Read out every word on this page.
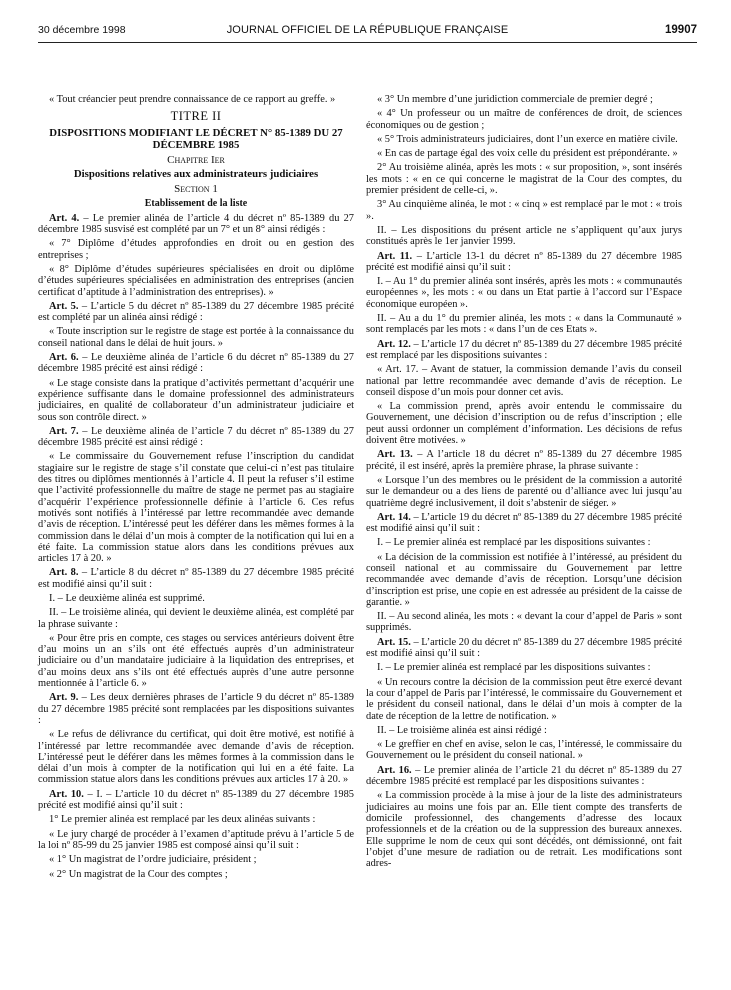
30 décembre 1998	JOURNAL OFFICIEL DE LA RÉPUBLIQUE FRANÇAISE	19907

« Tout créancier peut prendre connaissance de ce rapport au greffe. »

TITRE II

DISPOSITIONS MODIFIANT LE DÉCRET N° 85-1389 DU 27 DÉCEMBRE 1985

Chapitre Ier

Dispositions relatives aux administrateurs judiciaires

Section 1

Etablissement de la liste

Art. 4. – Le premier alinéa de l’article 4 du décret nº 85-1389 du 27 décembre 1985 susvisé est complété par un 7° et un 8° ainsi rédigés :

« 7° Diplôme d’études approfondies en droit ou en gestion des entreprises ;

« 8° Diplôme d’études supérieures spécialisées en droit ou diplôme d’études supérieures spécialisées en administration des entreprises (ancien certificat d’aptitude à l’administration des entreprises). »

Art. 5. – L’article 5 du décret nº 85-1389 du 27 décembre 1985 précité est complété par un alinéa ainsi rédigé :

« Toute inscription sur le registre de stage est portée à la connaissance du conseil national dans le délai de huit jours. »

Art. 6. – Le deuxième alinéa de l’article 6 du décret nº 85-1389 du 27 décembre 1985 précité est ainsi rédigé :

« Le stage consiste dans la pratique d’activités permettant d’acquérir une expérience suffisante dans le domaine professionnel des administrateurs judiciaires, en qualité de collaborateur d’un administrateur judiciaire et sous son contrôle direct. »

Art. 7. – Le deuxième alinéa de l’article 7 du décret nº 85-1389 du 27 décembre 1985 précité est ainsi rédigé :

« Le commissaire du Gouvernement refuse l’inscription du candidat stagiaire sur le registre de stage s’il constate que celui-ci n’est pas titulaire des titres ou diplômes mentionnés à l’article 4. Il peut la refuser s’il estime que l’activité professionnelle du maître de stage ne permet pas au stagiaire d’acquérir l’expérience professionnelle définie à l’article 6. Ces refus motivés sont notifiés à l’intéressé par lettre recommandée avec demande d’avis de réception. L’intéressé peut les déférer dans les mêmes formes à la commission dans le délai d’un mois à compter de la notification qui lui en a été faite. La commission statue alors dans les conditions prévues aux articles 17 à 20. »

Art. 8. – L’article 8 du décret nº 85-1389 du 27 décembre 1985 précité est modifié ainsi qu’il suit :

I. – Le deuxième alinéa est supprimé.

II. – Le troisième alinéa, qui devient le deuxième alinéa, est complété par la phrase suivante :

« Pour être pris en compte, ces stages ou services antérieurs doivent être d’au moins un an s’ils ont été effectués auprès d’un administrateur judiciaire ou d’un mandataire judiciaire à la liquidation des entreprises, et d’au moins deux ans s’ils ont été effectués auprès d’une autre personne mentionnée à l’article 6. »

Art. 9. – Les deux dernières phrases de l’article 9 du décret nº 85-1389 du 27 décembre 1985 précité sont remplacées par les dispositions suivantes :

« Le refus de délivrance du certificat, qui doit être motivé, est notifié à l’intéressé par lettre recommandée avec demande d’avis de réception. L’intéressé peut le déférer dans les mêmes formes à la commission dans le délai d’un mois à compter de la notification qui lui en a été faite. La commission statue alors dans les conditions prévues aux articles 17 à 20. »

Art. 10. – I. – L’article 10 du décret nº 85-1389 du 27 décembre 1985 précité est modifié ainsi qu’il suit :

1° Le premier alinéa est remplacé par les deux alinéas suivants :

« Le jury chargé de procéder à l’examen d’aptitude prévu à l’article 5 de la loi nº 85-99 du 25 janvier 1985 est composé ainsi qu’il suit :

« 1° Un magistrat de l’ordre judiciaire, président ;

« 2° Un magistrat de la Cour des comptes ;

« 3° Un membre d’une juridiction commerciale de premier degré ;

« 4° Un professeur ou un maître de conférences de droit, de sciences économiques ou de gestion ;

« 5° Trois administrateurs judiciaires, dont l’un exerce en matière civile.

« En cas de partage égal des voix celle du président est prépondérante. »

2° Au troisième alinéa, après les mots : « sur proposition, », sont insérés les mots : « en ce qui concerne le magistrat de la Cour des comptes, du premier président de celle-ci, ».

3° Au cinquième alinéa, le mot : « cinq » est remplacé par le mot : « trois ».

II. – Les dispositions du présent article ne s’appliquent qu’aux jurys constitués après le 1er janvier 1999.

Art. 11. – L’article 13-1 du décret nº 85-1389 du 27 décembre 1985 précité est modifié ainsi qu’il suit :

I. – Au 1° du premier alinéa sont insérés, après les mots : « communautés européennes », les mots : « ou dans un Etat partie à l’accord sur l’Espace économique européen ».

II. – Au a du 1° du premier alinéa, les mots : « dans la Communauté » sont remplacés par les mots : « dans l’un de ces Etats ».

Art. 12. – L’article 17 du décret nº 85-1389 du 27 décembre 1985 précité est remplacé par les dispositions suivantes :

« Art. 17. – Avant de statuer, la commission demande l’avis du conseil national par lettre recommandée avec demande d’avis de réception. Le conseil dispose d’un mois pour donner cet avis.

« La commission prend, après avoir entendu le commissaire du Gouvernement, une décision d’inscription ou de refus d’inscription ; elle peut aussi ordonner un complément d’information. Les décisions de refus doivent être motivées. »

Art. 13. – A l’article 18 du décret nº 85-1389 du 27 décembre 1985 précité, il est inséré, après la première phrase, la phrase suivante :

« Lorsque l’un des membres ou le président de la commission a autorité sur le demandeur ou a des liens de parenté ou d’alliance avec lui jusqu’au quatrième degré inclusivement, il doit s’abstenir de siéger. »

Art. 14. – L’article 19 du décret nº 85-1389 du 27 décembre 1985 précité est modifié ainsi qu’il suit :

I. – Le premier alinéa est remplacé par les dispositions suivantes :

« La décision de la commission est notifiée à l’intéressé, au président du conseil national et au commissaire du Gouvernement par lettre recommandée avec demande d’avis de réception. Lorsqu’une décision d’inscription est prise, une copie en est adressée au président de la caisse de garantie. »

II. – Au second alinéa, les mots : « devant la cour d’appel de Paris » sont supprimés.

Art. 15. – L’article 20 du décret nº 85-1389 du 27 décembre 1985 précité est modifié ainsi qu’il suit :

I. – Le premier alinéa est remplacé par les dispositions suivantes :

« Un recours contre la décision de la commission peut être exercé devant la cour d’appel de Paris par l’intéressé, le commissaire du Gouvernement et le président du conseil national, dans le délai d’un mois à compter de la date de réception de la lettre de notification. »

II. – Le troisième alinéa est ainsi rédigé :

« Le greffier en chef en avise, selon le cas, l’intéressé, le commissaire du Gouvernement ou le président du conseil national. »

Art. 16. – Le premier alinéa de l’article 21 du décret nº 85-1389 du 27 décembre 1985 précité est remplacé par les dispositions suivantes :

« La commission procède à la mise à jour de la liste des administrateurs judiciaires au moins une fois par an. Elle tient compte des transferts de domicile professionnel, des changements d’adresse des locaux professionnels et de la création ou de la suppression des bureaux annexes. Elle supprime le nom de ceux qui sont décédés, ont démissionné, ont fait l’objet d’une mesure de radiation ou de retrait. Les modifications sont adres-
